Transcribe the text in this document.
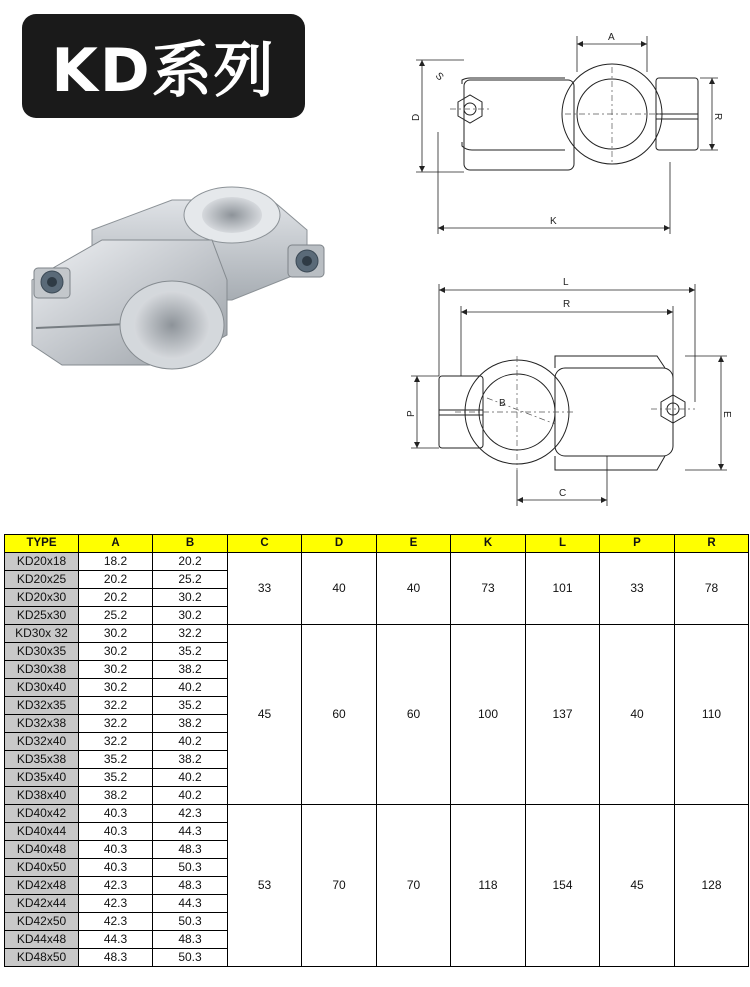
KD系列	A
S
D	R
K
L
R
B
P	E
C
TYPE	A	B	C	D	E	K	L	P	R
KD20x18	18.2	20.2	33	40	40	73	101	33	78
KD20x25	20.2	25.2							
KD20x30	20.2	30.2							
KD25x30	25.2	30.2							
KD30x 32	30.2	32.2	45	60	60	100	137	40	110
KD30x35	30.2	35.2							
KD30x38	30.2	38.2							
KD30x40	30.2	40.2							
KD32x35	32.2	35.2							
KD32x38	32.2	38.2							
KD32x40	32.2	40.2							
KD35x38	35.2	38.2							
KD35x40	35.2	40.2							
KD38x40	38.2	40.2							
KD40x42	40.3	42.3	53	70	70	118	154	45	128
KD40x44	40.3	44.3							
KD40x48	40.3	48.3							
KD40x50	40.3	50.3							
KD42x48	42.3	48.3							
KD42x44	42.3	44.3							
KD42x50	42.3	50.3							
KD44x48	44.3	48.3							
KD48x50	48.3	50.3							
